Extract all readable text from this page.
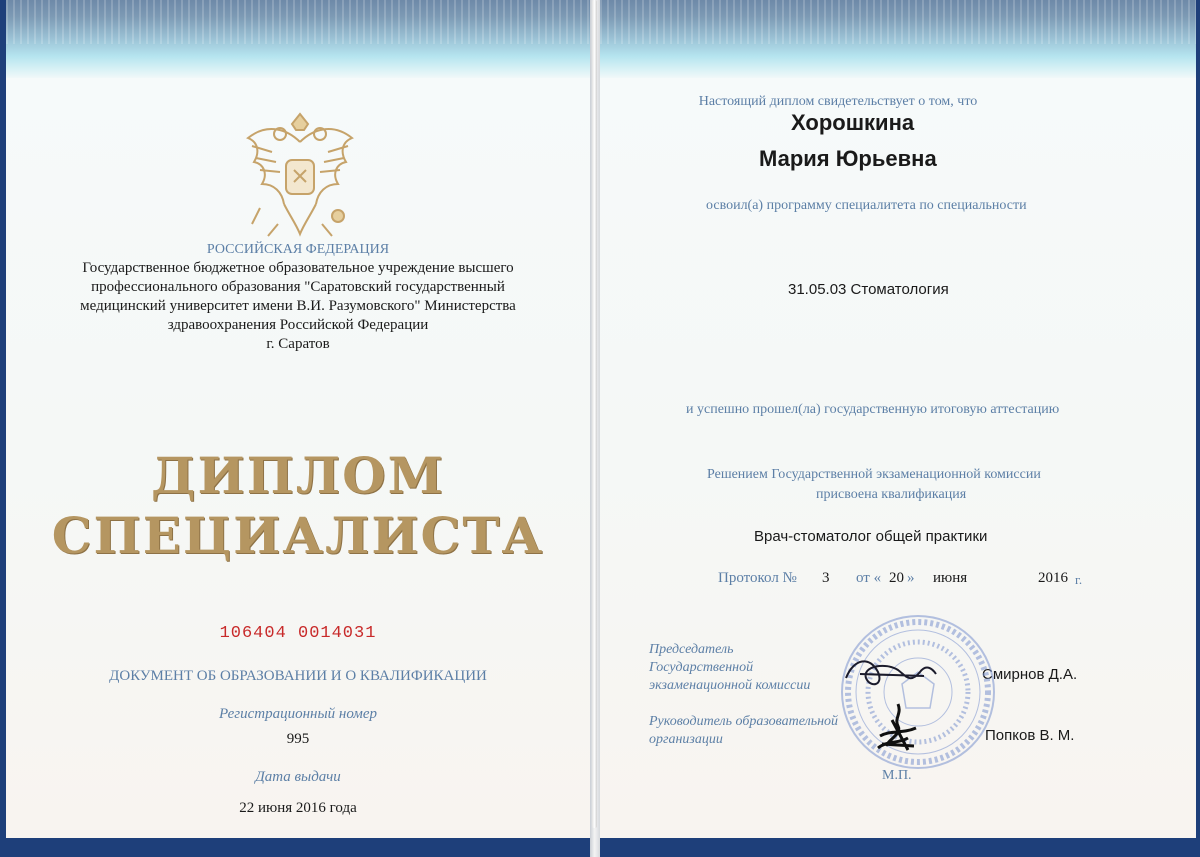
РОССИЙСКАЯ ФЕДЕРАЦИЯ
Государственное бюджетное образовательное учреждение высшего
профессионального образования "Саратовский государственный
медицинский университет имени В.И. Разумовского" Министерства
здравоохранения Российской Федерации
г. Саратов
ДИПЛОМ
СПЕЦИАЛИСТА
106404 0014031
ДОКУМЕНТ ОБ ОБРАЗОВАНИИ И О КВАЛИФИКАЦИИ
Регистрационный номер
995
Дата выдачи
22 июня 2016 года
Настоящий диплом свидетельствует о том, что
Хорошкина
Мария Юрьевна
освоил(а) программу специалитета по специальности
31.05.03 Стоматология
и успешно прошел(ла) государственную итоговую аттестацию
Решением Государственной экзаменационной комиссии
присвоена квалификация
Врач-стоматолог общей практики
Протокол № 3 от « 20 » июня	2016 г.
Председатель
Государственной
экзаменационной комиссии
Смирнов Д.А.
Руководитель образовательной
организации	Попков В. М.
М.П.
